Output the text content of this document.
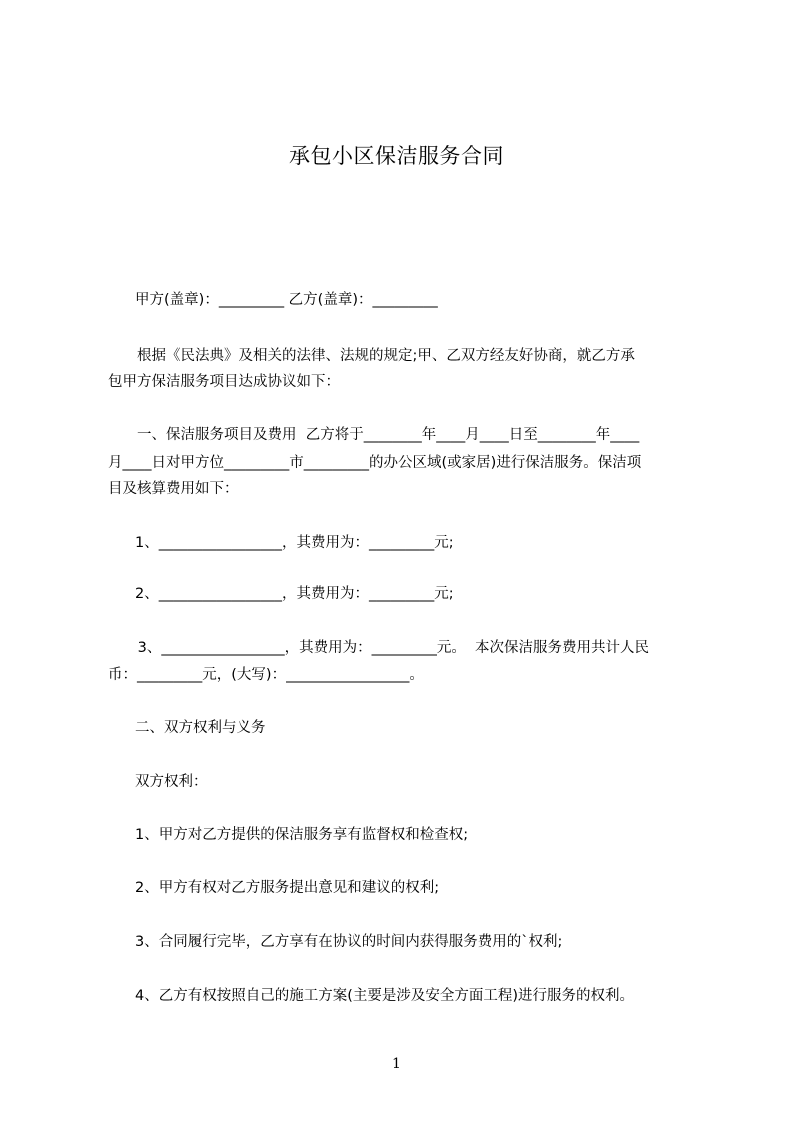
承包小区保洁服务合同
甲方(盖章)：_________ 乙方(盖章)：_________
根据《民法典》及相关的法律、法规的规定;甲、乙双方经友好协商，就乙方承
包甲方保洁服务项目达成协议如下：
一、保洁服务项目及费用  乙方将于________年____月____日至________年____
月____日对甲方位_________市_________的办公区域(或家居)进行保洁服务。保洁项
目及核算费用如下：
1、_________________，其费用为：_________元;
2、_________________，其费用为：_________元;
3、_________________，其费用为：_________元。  本次保洁服务费用共计人民
币：_________元，(大写)：_________________。
二、双方权利与义务
双方权利：
1、甲方对乙方提供的保洁服务享有监督权和检查权;
2、甲方有权对乙方服务提出意见和建议的权利;
3、合同履行完毕，乙方享有在协议的时间内获得服务费用的`权利;
4、乙方有权按照自己的施工方案(主要是涉及安全方面工程)进行服务的权利。
1
